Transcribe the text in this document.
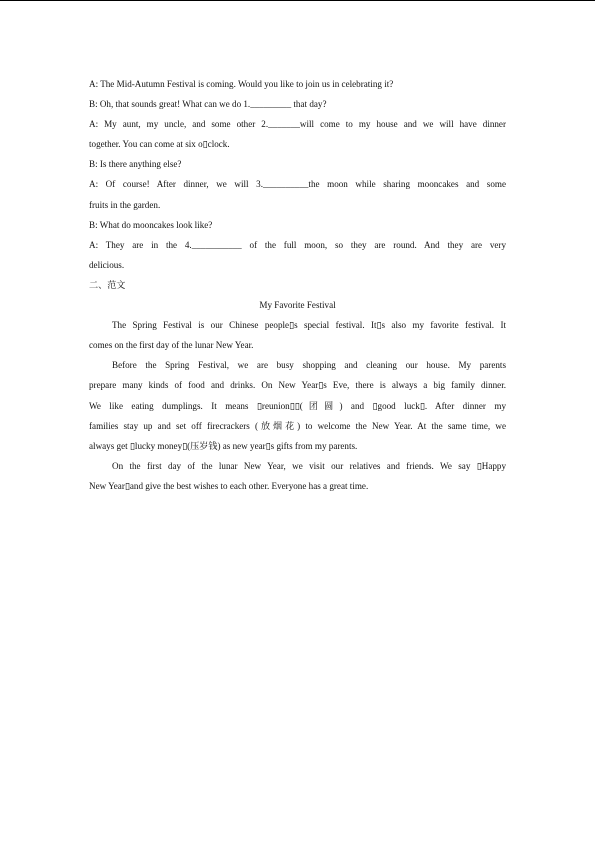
A: The Mid-Autumn Festival is coming. Would you like to join us in celebrating it?

B: Oh, that sounds great! What can we do 1._________ that day?

A: My aunt, my uncle, and some other 2._______will come to my house and we will have dinner

together. You can come at six o▯clock.

B: Is there anything else?

A: Of course! After dinner, we will 3.__________the moon while sharing mooncakes and some

fruits in the garden.

B: What do mooncakes look like?

A: They are in the 4.___________ of the full moon, so they are round. And they are very

delicious.

二、范文

My Favorite Festival

The Spring Festival is our Chinese people▯s special festival. It▯s also my favorite festival. It

comes on the first day of the lunar New Year.

Before the Spring Festival, we are busy shopping and cleaning our house. My parents

prepare many kinds of food and drinks. On New Year▯s Eve, there is always a big family dinner.

We like eating dumplings. It means ▯reunion▯▯(团圆) and ▯good luck▯. After dinner my

families stay up and set off firecrackers (放烟花) to welcome the New Year. At the same time, we

always get ▯lucky money▯(压岁钱) as new year▯s gifts from my parents.

On the first day of the lunar New Year, we visit our relatives and friends. We say ▯Happy

New Year▯and give the best wishes to each other. Everyone has a great time.
